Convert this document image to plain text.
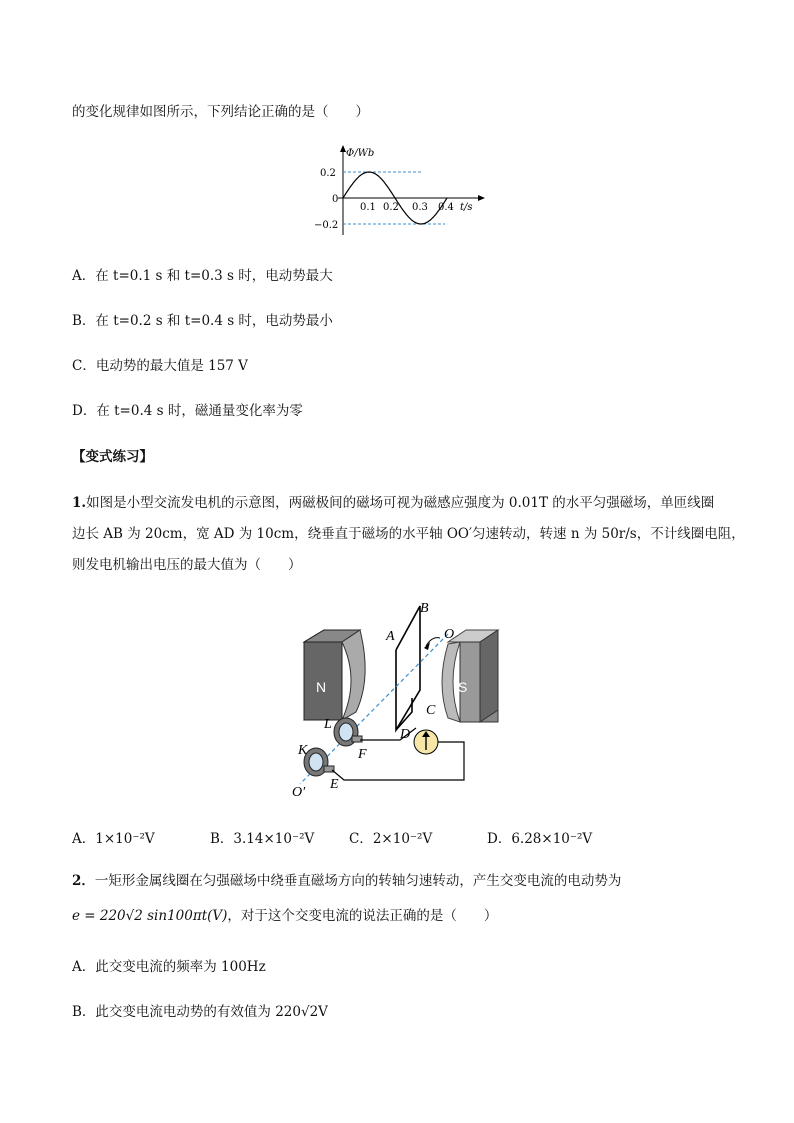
的变化规律如图所示，下列结论正确的是（　　）
Φ/Wb
0.2
0
−0.2
0.1 0.2 0.3 0.4 t/s
A．在 t=0.1 s 和 t=0.3 s 时，电动势最大
B．在 t=0.2 s 和 t=0.4 s 时，电动势最小
C．电动势的最大值是 157 V
D．在 t=0.4 s 时，磁通量变化率为零
【变式练习】
1.如图是小型交流发电机的示意图，两磁极间的磁场可视为磁感应强度为 0.01T 的水平匀强磁场，单匝线圈
边长 AB 为 20cm，宽 AD 为 10cm，绕垂直于磁场的水平轴 OO′匀速转动，转速 n 为 50r/s，不计线圈电阻，
则发电机输出电压的最大值为（　　）
N	S
B
A	O
C
D
L
F
K
E
O′
A．1×10⁻²V	B．3.14×10⁻²V	C．2×10⁻²V	D．6.28×10⁻²V
2．一矩形金属线圈在匀强磁场中绕垂直磁场方向的转轴匀速转动，产生交变电流的电动势为
e = 220√2 sin100πt(V)，对于这个交变电流的说法正确的是（　　）
A．此交变电流的频率为 100Hz
B．此交变电流电动势的有效值为 220√2V
